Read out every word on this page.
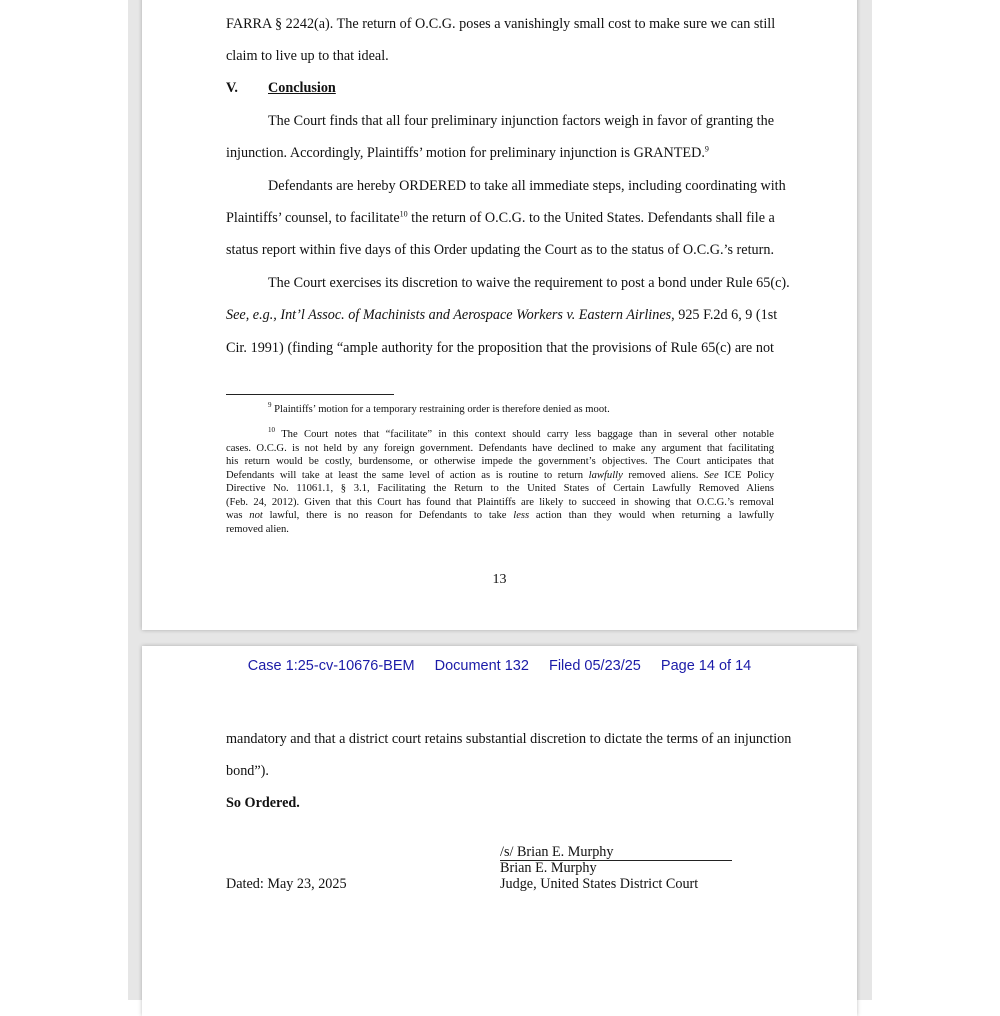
FARRA § 2242(a). The return of O.C.G. poses a vanishingly small cost to make sure we can still
claim to live up to that ideal.
V. Conclusion
The Court finds that all four preliminary injunction factors weigh in favor of granting the
injunction. Accordingly, Plaintiffs’ motion for preliminary injunction is GRANTED.$^9$
Defendants are hereby ORDERED to take all immediate steps, including coordinating with
Plaintiffs’ counsel, to facilitate$^{10}$ the return of O.C.G. to the United States. Defendants shall file a
status report within five days of this Order updating the Court as to the status of O.C.G.’s return.
The Court exercises its discretion to waive the requirement to post a bond under Rule 65(c).
See, e.g., Int’l Assoc. of Machinists and Aerospace Workers v. Eastern Airlines, 925 F.2d 6, 9 (1st
Cir. 1991) (finding “ample authority for the proposition that the provisions of Rule 65(c) are not
$^9$ Plaintiffs’ motion for a temporary restraining order is therefore denied as moot.
$^{10}$ The Court notes that “facilitate” in this context should carry less baggage than in several other notable
cases. O.C.G. is not held by any foreign government. Defendants have declined to make any argument that facilitating
his return would be costly, burdensome, or otherwise impede the government’s objectives. The Court anticipates that
Defendants will take at least the same level of action as is routine to return lawfully removed aliens. See ICE Policy
Directive No. 11061.1, § 3.1, Facilitating the Return to the United States of Certain Lawfully Removed Aliens
(Feb. 24, 2012). Given that this Court has found that Plaintiffs are likely to succeed in showing that O.C.G.’s removal
was not lawful, there is no reason for Defendants to take less action than they would when returning a lawfully
removed alien.
13
Case 1:25-cv-10676-BEM Document 132 Filed 05/23/25 Page 14 of 14
mandatory and that a district court retains substantial discretion to dictate the terms of an injunction
bond”).
So Ordered.
/s/ Brian E. Murphy
Brian E. Murphy
Judge, United States District Court
Dated: May 23, 2025
